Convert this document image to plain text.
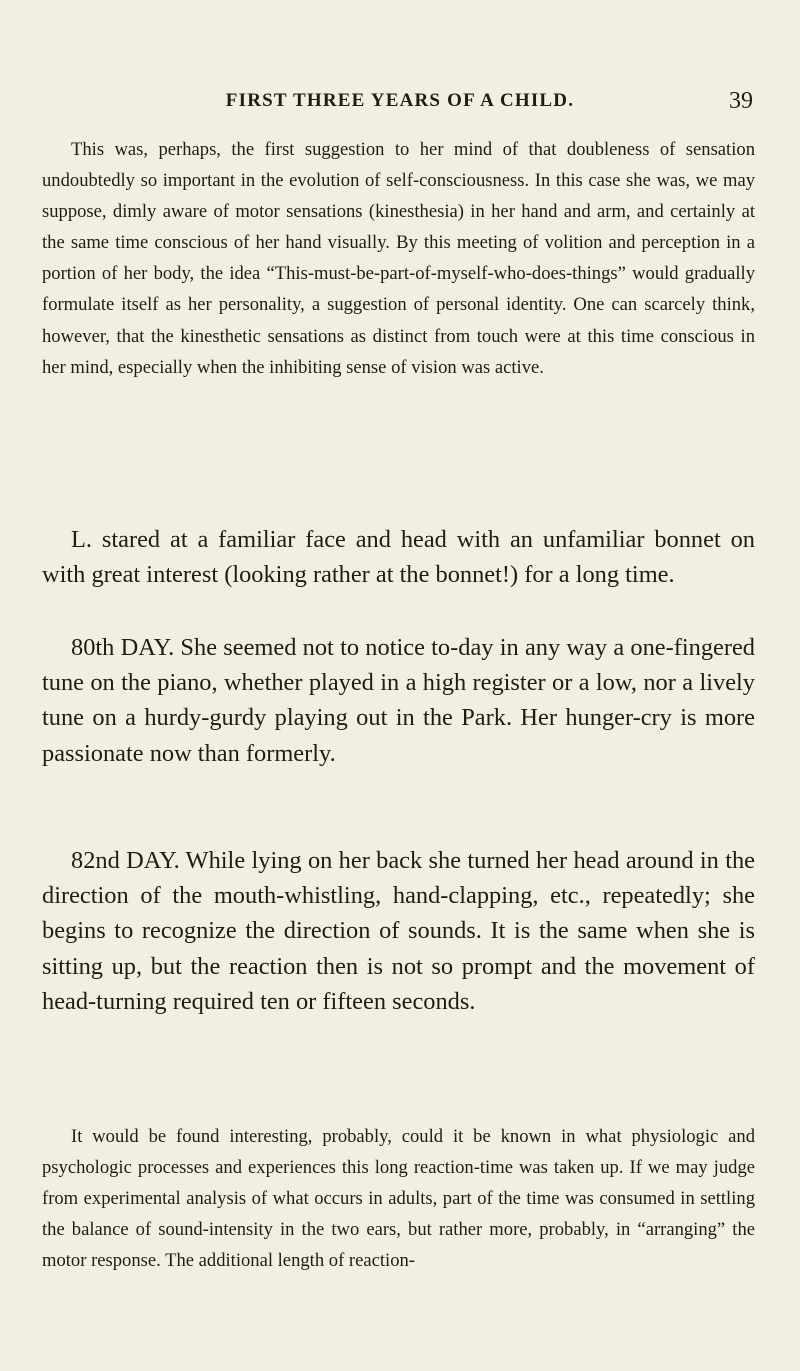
FIRST THREE YEARS OF A CHILD.	39

This was, perhaps, the first suggestion to her mind of that doubleness of sensation undoubtedly so important in the evolution of self-consciousness. In this case she was, we may suppose, dimly aware of motor sensations (kinesthesia) in her hand and arm, and certainly at the same time conscious of her hand visually. By this meeting of volition and perception in a portion of her body, the idea “This-must-be-part-of-myself-who-does-things” would gradually formulate itself as her personality, a suggestion of personal identity. One can scarcely think, however, that the kinesthetic sensations as distinct from touch were at this time conscious in her mind, especially when the inhibiting sense of vision was active.

L. stared at a familiar face and head with an unfamiliar bonnet on with great interest (looking rather at the bonnet!) for a long time.

80th DAY. She seemed not to notice to-day in any way a one-fingered tune on the piano, whether played in a high register or a low, nor a lively tune on a hurdy-gurdy playing out in the Park. Her hunger-cry is more passionate now than formerly.

82nd DAY. While lying on her back she turned her head around in the direction of the mouth-whistling, hand-clapping, etc., repeatedly; she begins to recognize the direction of sounds. It is the same when she is sitting up, but the reaction then is not so prompt and the movement of head-turning required ten or fifteen seconds.

It would be found interesting, probably, could it be known in what physiologic and psychologic processes and experiences this long reaction-time was taken up. If we may judge from experimental analysis of what occurs in adults, part of the time was consumed in settling the balance of sound-intensity in the two ears, but rather more, probably, in “arranging” the motor response. The additional length of reaction-
